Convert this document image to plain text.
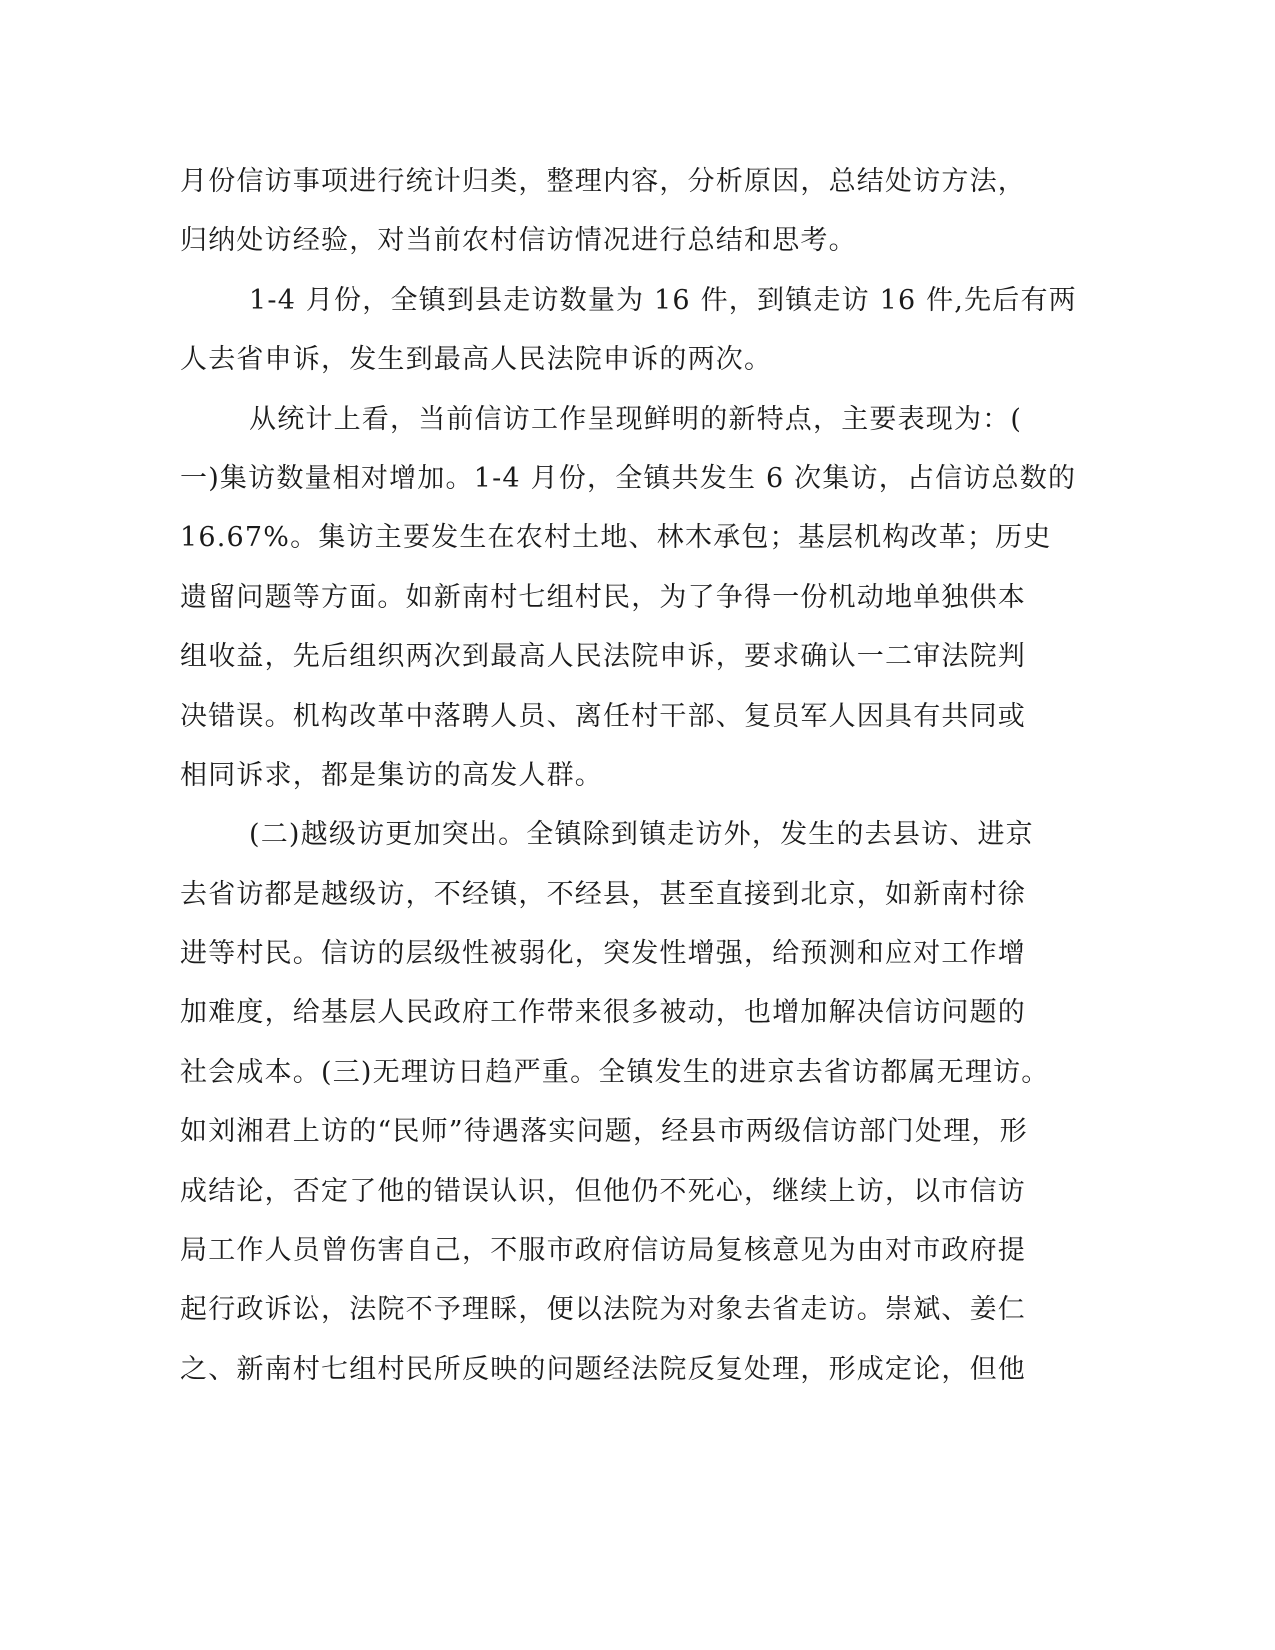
月份信访事项进行统计归类，整理内容，分析原因，总结处访方法，
归纳处访经验，对当前农村信访情况进行总结和思考。
1-4 月份，全镇到县走访数量为 16 件，到镇走访 16 件,先后有两
人去省申诉，发生到最高人民法院申诉的两次。
从统计上看，当前信访工作呈现鲜明的新特点，主要表现为：(
一)集访数量相对增加。1-4 月份，全镇共发生 6 次集访，占信访总数的
16.67%。集访主要发生在农村土地、林木承包；基层机构改革；历史
遗留问题等方面。如新南村七组村民，为了争得一份机动地单独供本
组收益，先后组织两次到最高人民法院申诉，要求确认一二审法院判
决错误。机构改革中落聘人员、离任村干部、复员军人因具有共同或
相同诉求，都是集访的高发人群。
(二)越级访更加突出。全镇除到镇走访外，发生的去县访、进京
去省访都是越级访，不经镇，不经县，甚至直接到北京，如新南村徐
进等村民。信访的层级性被弱化，突发性增强，给预测和应对工作增
加难度，给基层人民政府工作带来很多被动，也增加解决信访问题的
社会成本。(三)无理访日趋严重。全镇发生的进京去省访都属无理访。
如刘湘君上访的“民师”待遇落实问题，经县市两级信访部门处理，形
成结论，否定了他的错误认识，但他仍不死心，继续上访，以市信访
局工作人员曾伤害自己，不服市政府信访局复核意见为由对市政府提
起行政诉讼，法院不予理睬，便以法院为对象去省走访。崇斌、姜仁
之、新南村七组村民所反映的问题经法院反复处理，形成定论，但他
